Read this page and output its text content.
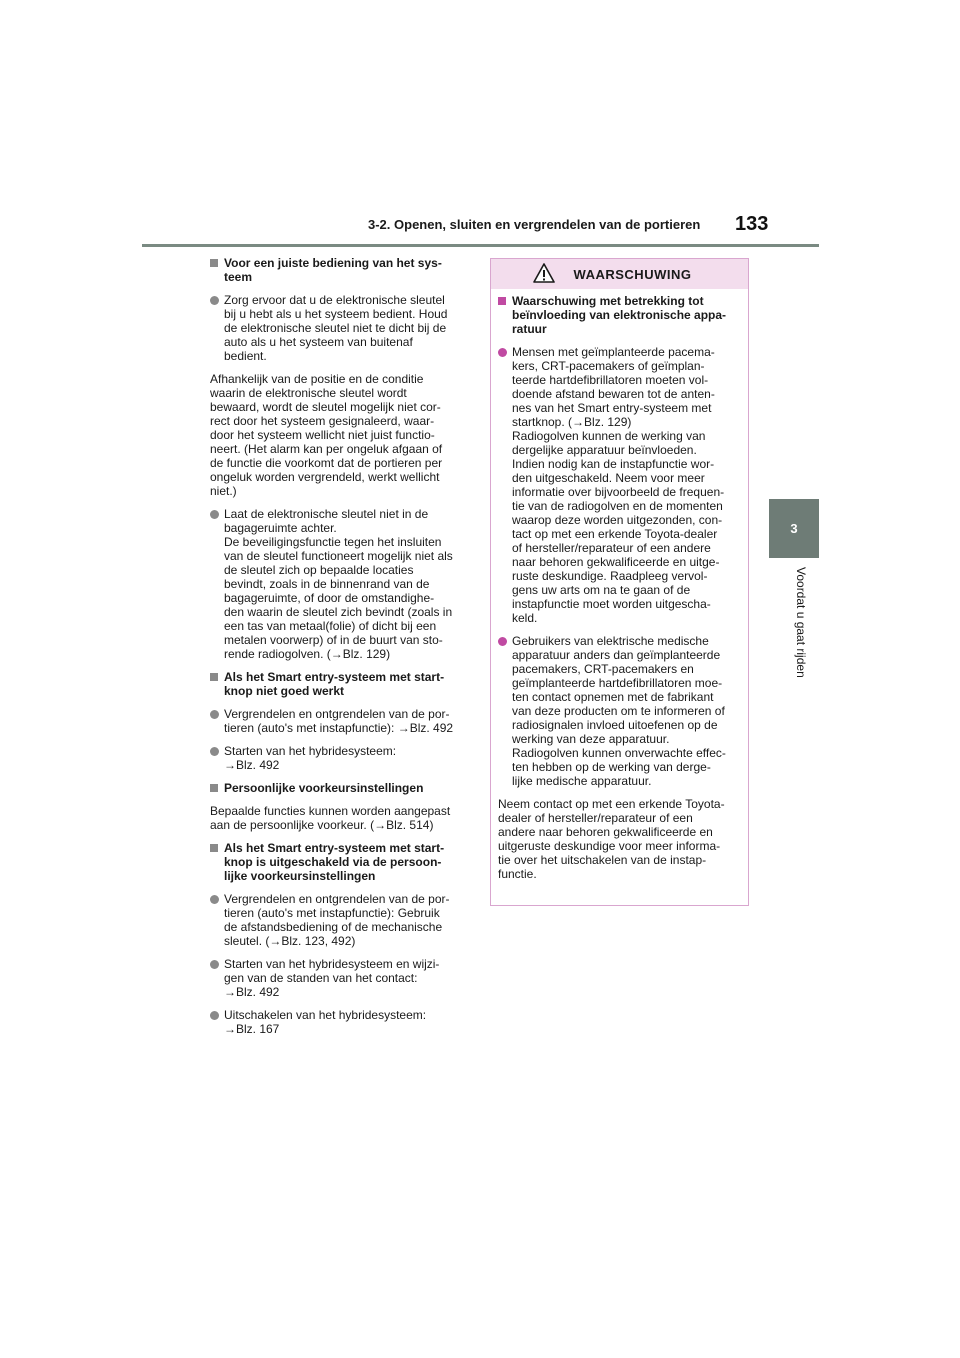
3-2. Openen, sluiten en vergrendelen van de portieren	133
3
Voordat u gaat rijden
Voor een juiste bediening van het sys-
teem
Zorg ervoor dat u de elektronische sleutel
bij u hebt als u het systeem bedient. Houd
de elektronische sleutel niet te dicht bij de
auto als u het systeem van buitenaf
bedient.
Afhankelijk van de positie en de conditie
waarin de elektronische sleutel wordt
bewaard, wordt de sleutel mogelijk niet cor-
rect door het systeem gesignaleerd, waar-
door het systeem wellicht niet juist functio-
neert. (Het alarm kan per ongeluk afgaan of
de functie die voorkomt dat de portieren per
ongeluk worden vergrendeld, werkt wellicht
niet.)
Laat de elektronische sleutel niet in de
bagageruimte achter.
De beveiligingsfunctie tegen het insluiten
van de sleutel functioneert mogelijk niet als
de sleutel zich op bepaalde locaties
bevindt, zoals in de binnenrand van de
bagageruimte, of door de omstandighe-
den waarin de sleutel zich bevindt (zoals in
een tas van metaal(folie) of dicht bij een
metalen voorwerp) of in de buurt van sto-
rende radiogolven. (→Blz. 129)
Als het Smart entry-systeem met start-
knop niet goed werkt
Vergrendelen en ontgrendelen van de por-
tieren (auto's met instapfunctie): →Blz. 492
Starten van het hybridesysteem:
→Blz. 492
Persoonlijke voorkeursinstellingen
Bepaalde functies kunnen worden aangepast
aan de persoonlijke voorkeur. (→Blz. 514)
Als het Smart entry-systeem met start-
knop is uitgeschakeld via de persoon-
lijke voorkeursinstellingen
Vergrendelen en ontgrendelen van de por-
tieren (auto's met instapfunctie): Gebruik
de afstandsbediening of de mechanische
sleutel. (→Blz. 123, 492)
Starten van het hybridesysteem en wijzi-
gen van de standen van het contact:
→Blz. 492
Uitschakelen van het hybridesysteem:
→Blz. 167
WAARSCHUWING
Waarschuwing met betrekking tot
beïnvloeding van elektronische appa-
ratuur
Mensen met geïmplanteerde pacema-
kers, CRT-pacemakers of geïmplan-
teerde hartdefibrillatoren moeten vol-
doende afstand bewaren tot de anten-
nes van het Smart entry-systeem met
startknop. (→Blz. 129)
Radiogolven kunnen de werking van
dergelijke apparatuur beïnvloeden.
Indien nodig kan de instapfunctie wor-
den uitgeschakeld. Neem voor meer
informatie over bijvoorbeeld de frequen-
tie van de radiogolven en de momenten
waarop deze worden uitgezonden, con-
tact op met een erkende Toyota-dealer
of hersteller/reparateur of een andere
naar behoren gekwalificeerde en uitge-
ruste deskundige. Raadpleeg vervol-
gens uw arts om na te gaan of de
instapfunctie moet worden uitgescha-
keld.
Gebruikers van elektrische medische
apparatuur anders dan geïmplanteerde
pacemakers, CRT-pacemakers en
geïmplanteerde hartdefibrillatoren moe-
ten contact opnemen met de fabrikant
van deze producten om te informeren of
radiosignalen invloed uitoefenen op de
werking van deze apparatuur.
Radiogolven kunnen onverwachte effec-
ten hebben op de werking van derge-
lijke medische apparatuur.
Neem contact op met een erkende Toyota-
dealer of hersteller/reparateur of een
andere naar behoren gekwalificeerde en
uitgeruste deskundige voor meer informa-
tie over het uitschakelen van de instap-
functie.
